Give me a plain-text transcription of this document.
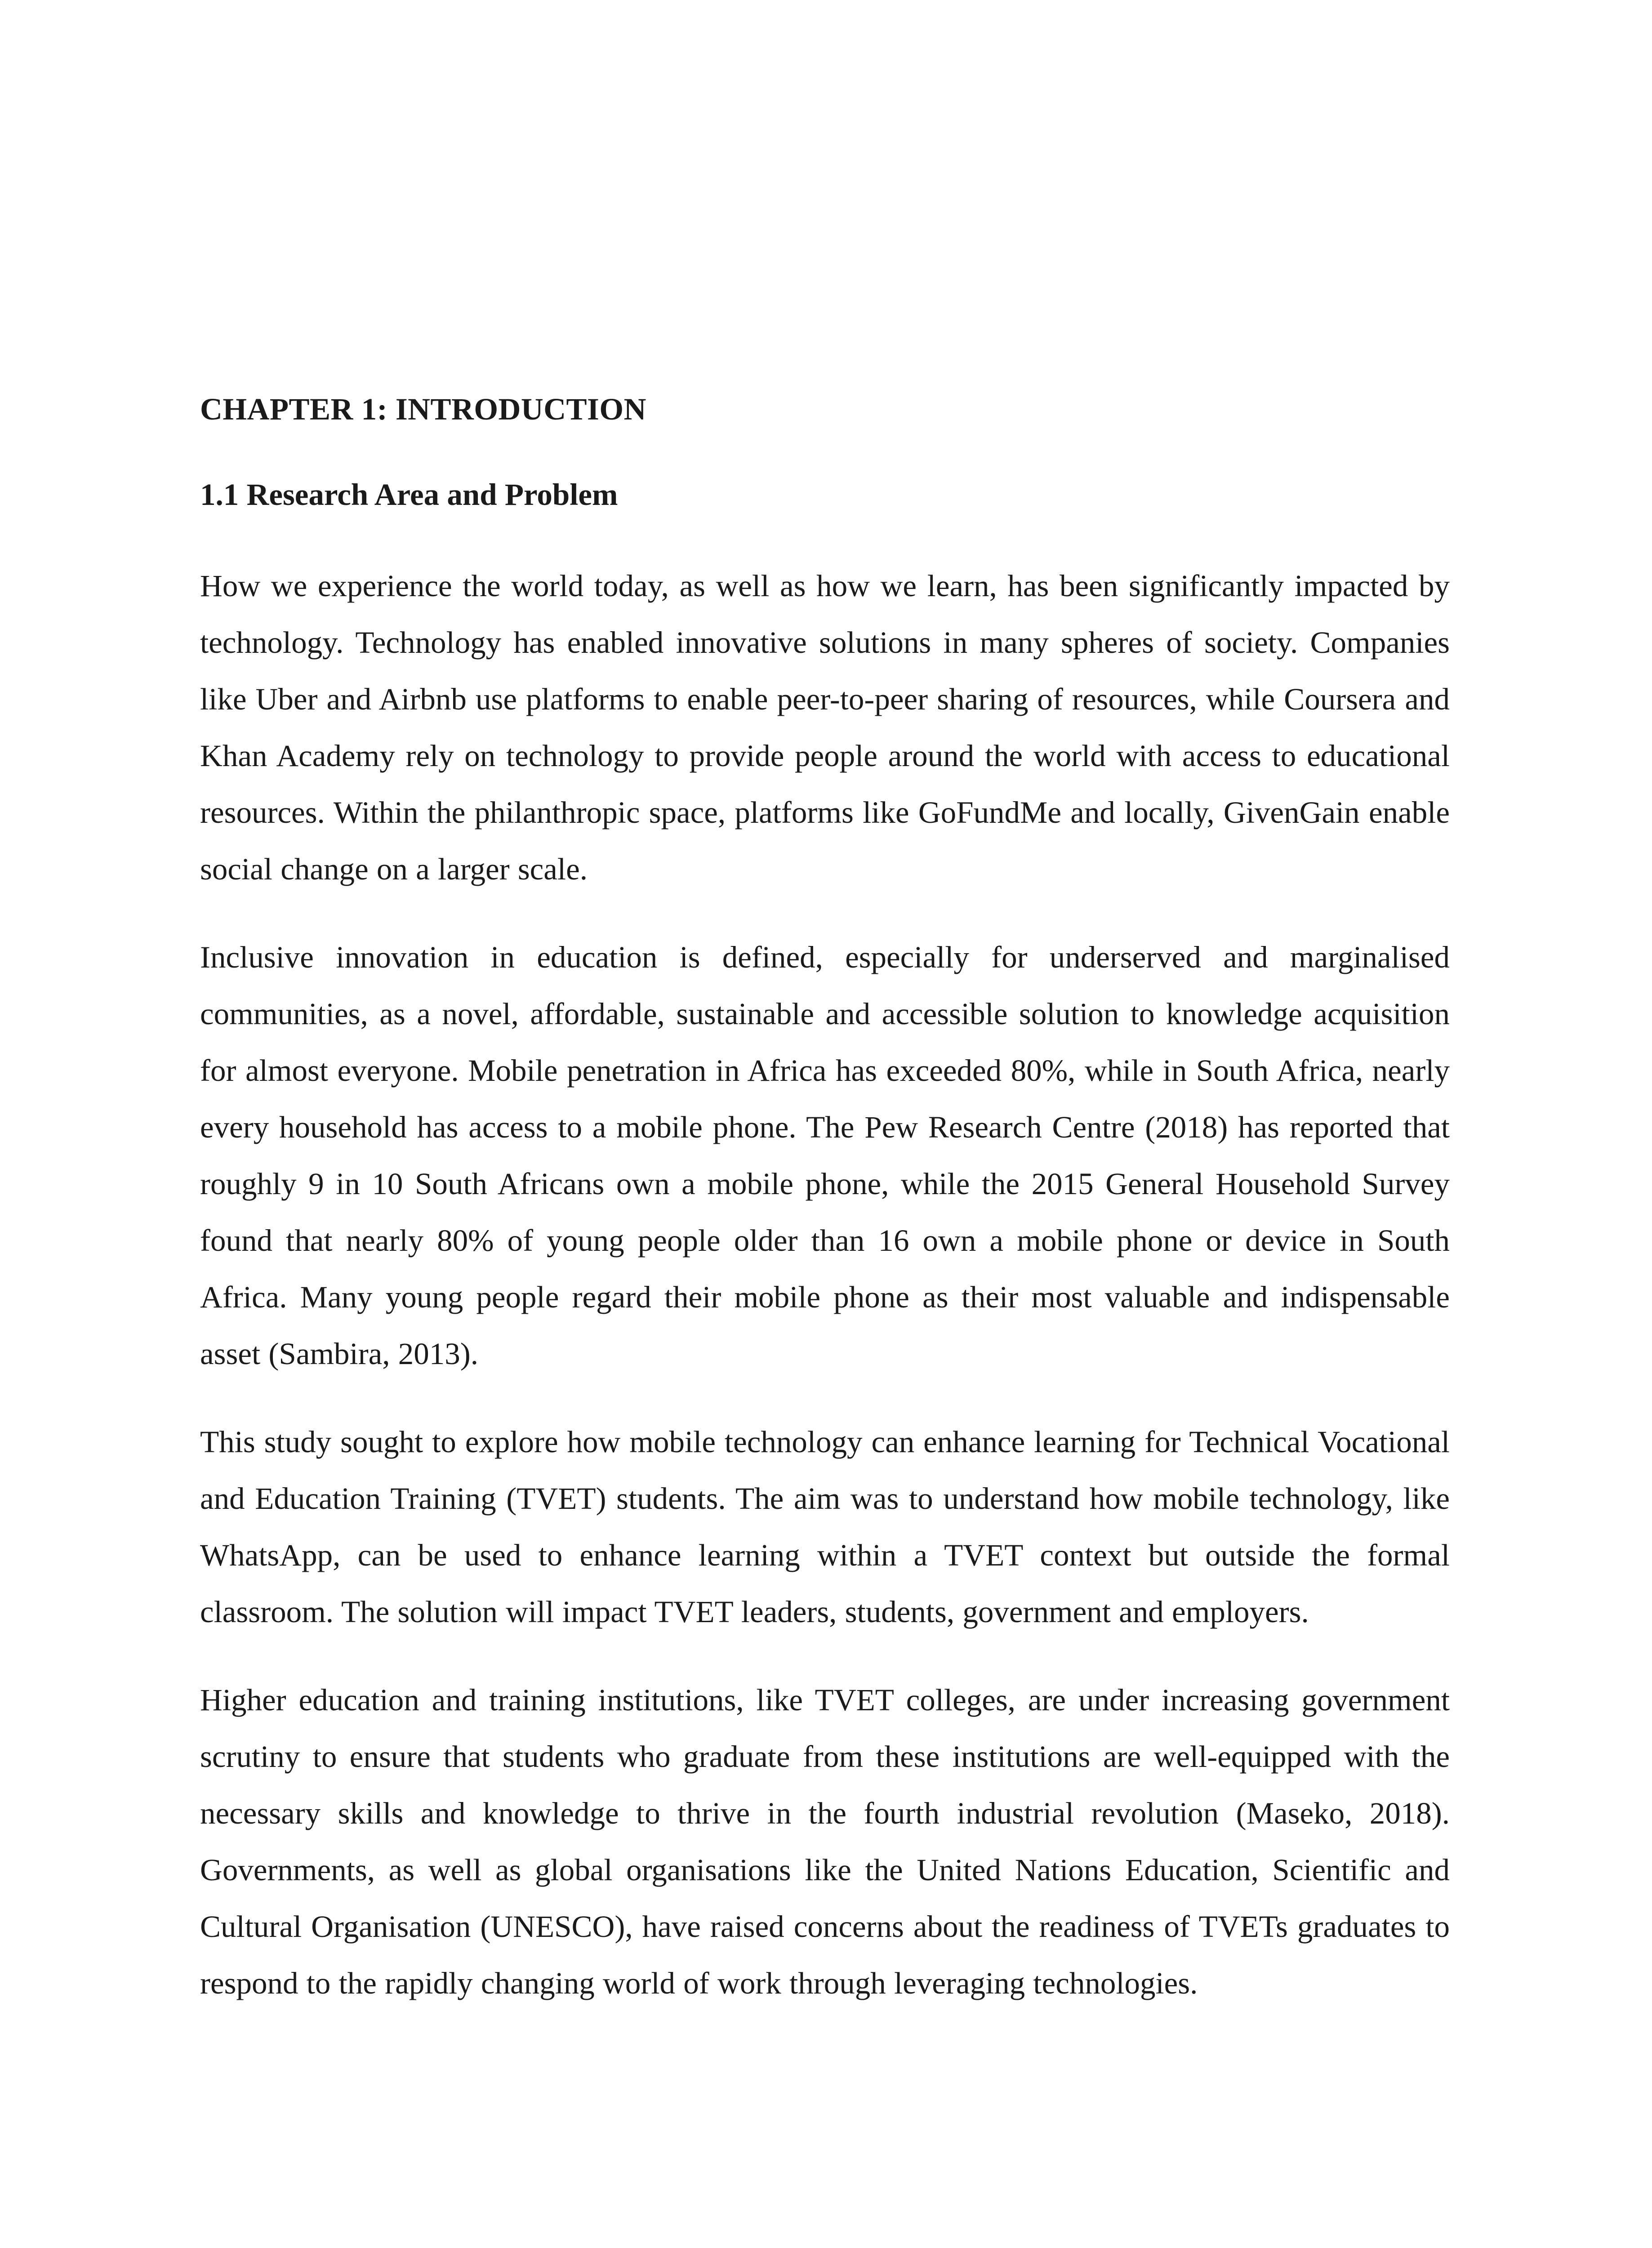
CHAPTER 1: INTRODUCTION
1.1 Research Area and Problem

How we experience the world today, as well as how we learn, has been significantly impacted by technology. Technology has enabled innovative solutions in many spheres of society. Companies like Uber and Airbnb use platforms to enable peer-to-peer sharing of resources, while Coursera and Khan Academy rely on technology to provide people around the world with access to educational resources. Within the philanthropic space, platforms like GoFundMe and locally, GivenGain enable social change on a larger scale.

Inclusive innovation in education is defined, especially for underserved and marginalised communities, as a novel, affordable, sustainable and accessible solution to knowledge acquisition for almost everyone. Mobile penetration in Africa has exceeded 80%, while in South Africa, nearly every household has access to a mobile phone. The Pew Research Centre (2018) has reported that roughly 9 in 10 South Africans own a mobile phone, while the 2015 General Household Survey found that nearly 80% of young people older than 16 own a mobile phone or device in South Africa. Many young people regard their mobile phone as their most valuable and indispensable asset (Sambira, 2013).

This study sought to explore how mobile technology can enhance learning for Technical Vocational and Education Training (TVET) students. The aim was to understand how mobile technology, like WhatsApp, can be used to enhance learning within a TVET context but outside the formal classroom. The solution will impact TVET leaders, students, government and employers.

Higher education and training institutions, like TVET colleges, are under increasing government scrutiny to ensure that students who graduate from these institutions are well-equipped with the necessary skills and knowledge to thrive in the fourth industrial revolution (Maseko, 2018). Governments, as well as global organisations like the United Nations Education, Scientific and Cultural Organisation (UNESCO), have raised concerns about the readiness of TVETs graduates to respond to the rapidly changing world of work through leveraging technologies.
